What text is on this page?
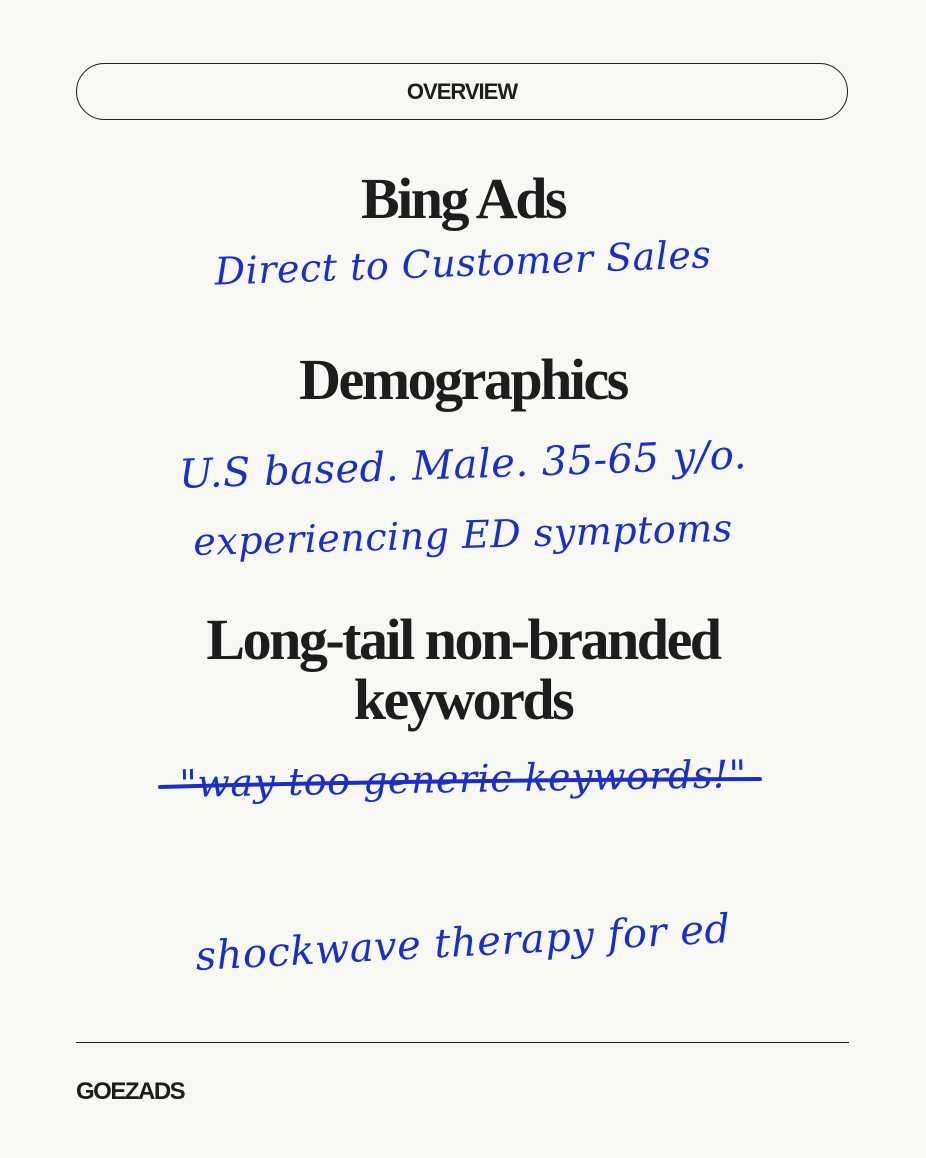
OVERVIEW
Bing Ads
Direct to Customer Sales
Demographics
U.S based. Male. 35-65 y/o.
experiencing ED symptoms
Long-tail non-branded
keywords
"way too generic keywords!"
shockwave therapy for ed
GOEZADS
